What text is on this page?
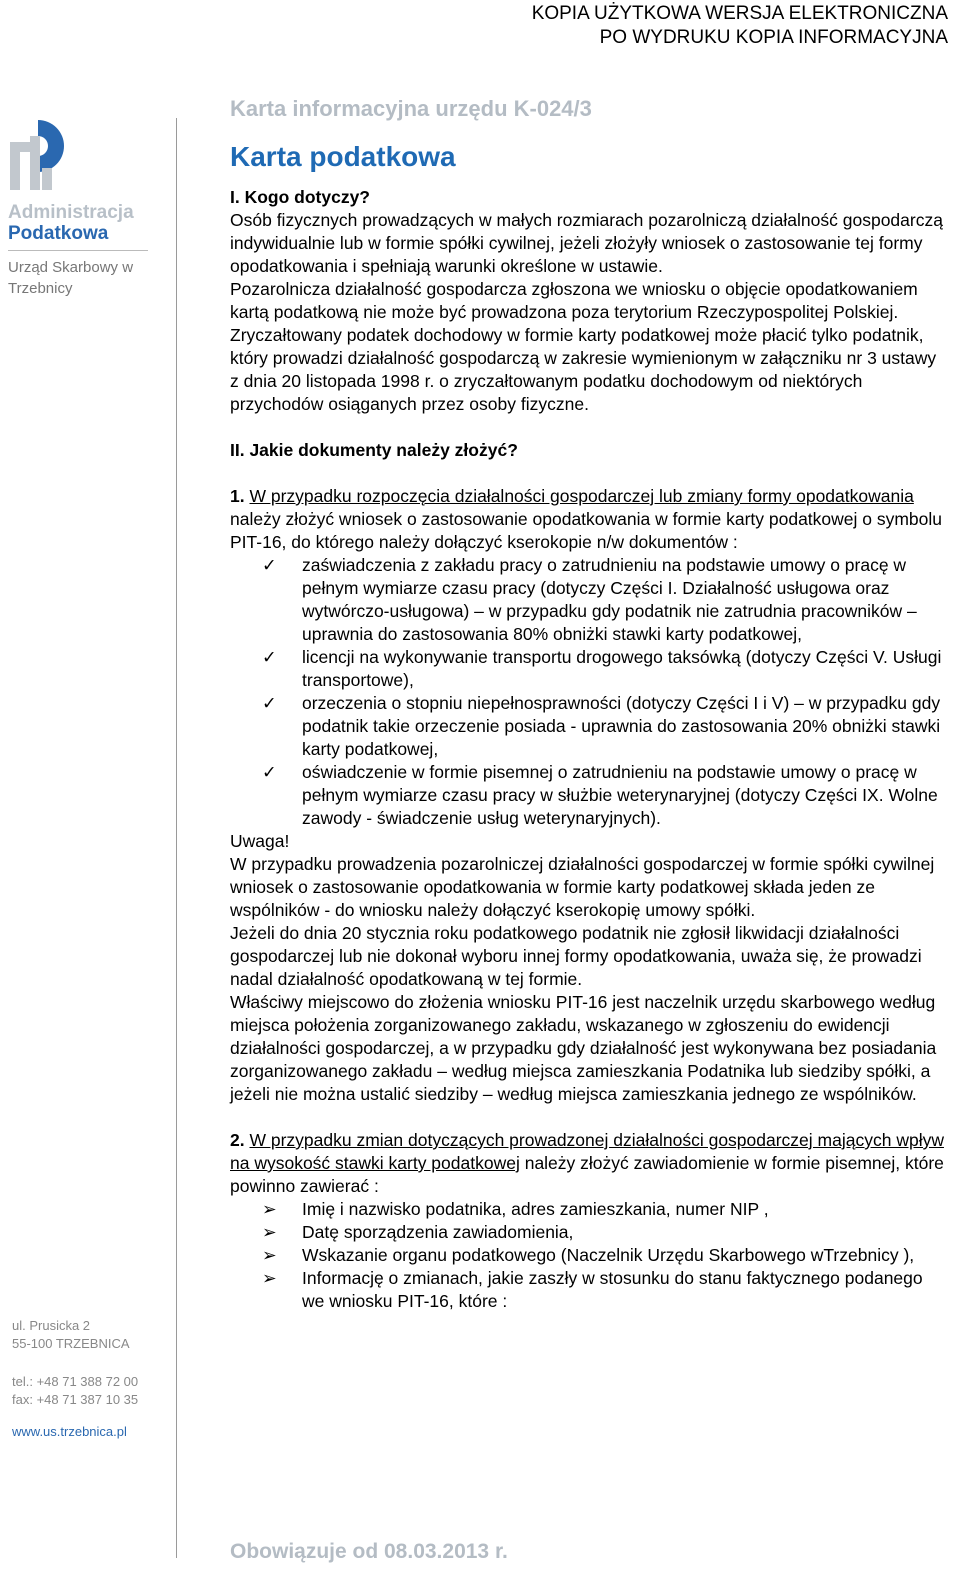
KOPIA UŻYTKOWA WERSJA ELEKTRONICZNA
PO WYDRUKU KOPIA INFORMACYJNA
Administracja
Podatkowa
Urząd Skarbowy w
Trzebnicy
ul. Prusicka 2
55-100 TRZEBNICA
tel.: +48 71 388 72 00
fax: +48 71 387 10 35
www.us.trzebnica.pl
Karta informacyjna urzędu K-024/3
Karta podatkowa
I. Kogo dotyczy?

Osób fizycznych prowadzących w małych rozmiarach pozarolniczą działalność gospodarczą indywidualnie lub w formie spółki cywilnej, jeżeli złożyły wniosek o zastosowanie tej formy opodatkowania i spełniają warunki określone w ustawie.

Pozarolnicza działalność gospodarcza zgłoszona we wniosku o objęcie opodatkowaniem kartą podatkową nie może być prowadzona poza terytorium Rzeczypospolitej Polskiej.

Zryczałtowany podatek dochodowy w formie karty podatkowej może płacić tylko podatnik, który prowadzi działalność gospodarczą w zakresie wymienionym w załączniku nr 3 ustawy z dnia 20 listopada 1998 r. o zryczałtowanym podatku dochodowym od niektórych przychodów osiąganych przez osoby fizyczne.

II. Jakie dokumenty należy złożyć?

1. W przypadku rozpoczęcia działalności gospodarczej lub zmiany formy opodatkowania należy złożyć wniosek o zastosowanie opodatkowania w formie karty podatkowej o symbolu PIT-16, do którego należy dołączyć kserokopie n/w dokumentów :

✓ zaświadczenia z zakładu pracy o zatrudnieniu na podstawie umowy o pracę w pełnym wymiarze czasu pracy (dotyczy Części I. Działalność usługowa oraz wytwórczo-usługowa) – w przypadku gdy podatnik nie zatrudnia pracowników – uprawnia do zastosowania 80% obniżki stawki karty podatkowej,
✓ licencji na wykonywanie transportu drogowego taksówką (dotyczy Części V. Usługi transportowe),
✓ orzeczenia o stopniu niepełnosprawności (dotyczy Części I i V) – w przypadku gdy podatnik takie orzeczenie posiada - uprawnia do zastosowania 20% obniżki stawki karty podatkowej,
✓ oświadczenie w formie pisemnej o zatrudnieniu na podstawie umowy o pracę w pełnym wymiarze czasu pracy w służbie weterynaryjnej (dotyczy Części IX. Wolne zawody - świadczenie usług weterynaryjnych).

Uwaga!

W przypadku prowadzenia pozarolniczej działalności gospodarczej w formie spółki cywilnej wniosek o zastosowanie opodatkowania w formie karty podatkowej składa jeden ze wspólników - do wniosku należy dołączyć kserokopię umowy spółki.

Jeżeli do dnia 20 stycznia roku podatkowego podatnik nie zgłosił likwidacji działalności gospodarczej lub nie dokonał wyboru innej formy opodatkowania, uważa się, że prowadzi nadal działalność opodatkowaną w tej formie.

Właściwy miejscowo do złożenia wniosku PIT-16 jest naczelnik urzędu skarbowego według miejsca położenia zorganizowanego zakładu, wskazanego w zgłoszeniu do ewidencji działalności gospodarczej, a w przypadku gdy działalność jest wykonywana bez posiadania zorganizowanego zakładu – według miejsca zamieszkania Podatnika lub siedziby spółki, a jeżeli nie można ustalić siedziby – według miejsca zamieszkania jednego ze wspólników.

2. W przypadku zmian dotyczących prowadzonej działalności gospodarczej mających wpływ na wysokość stawki karty podatkowej należy złożyć zawiadomienie w formie pisemnej, które powinno zawierać :

➢ Imię i nazwisko podatnika, adres zamieszkania, numer NIP ,
➢ Datę sporządzenia zawiadomienia,
➢ Wskazanie organu podatkowego (Naczelnik Urzędu Skarbowego wTrzebnicy ),
➢ Informację o zmianach, jakie zaszły w stosunku do stanu faktycznego podanego we wniosku PIT-16, które :
Obowiązuje od 08.03.2013 r.
